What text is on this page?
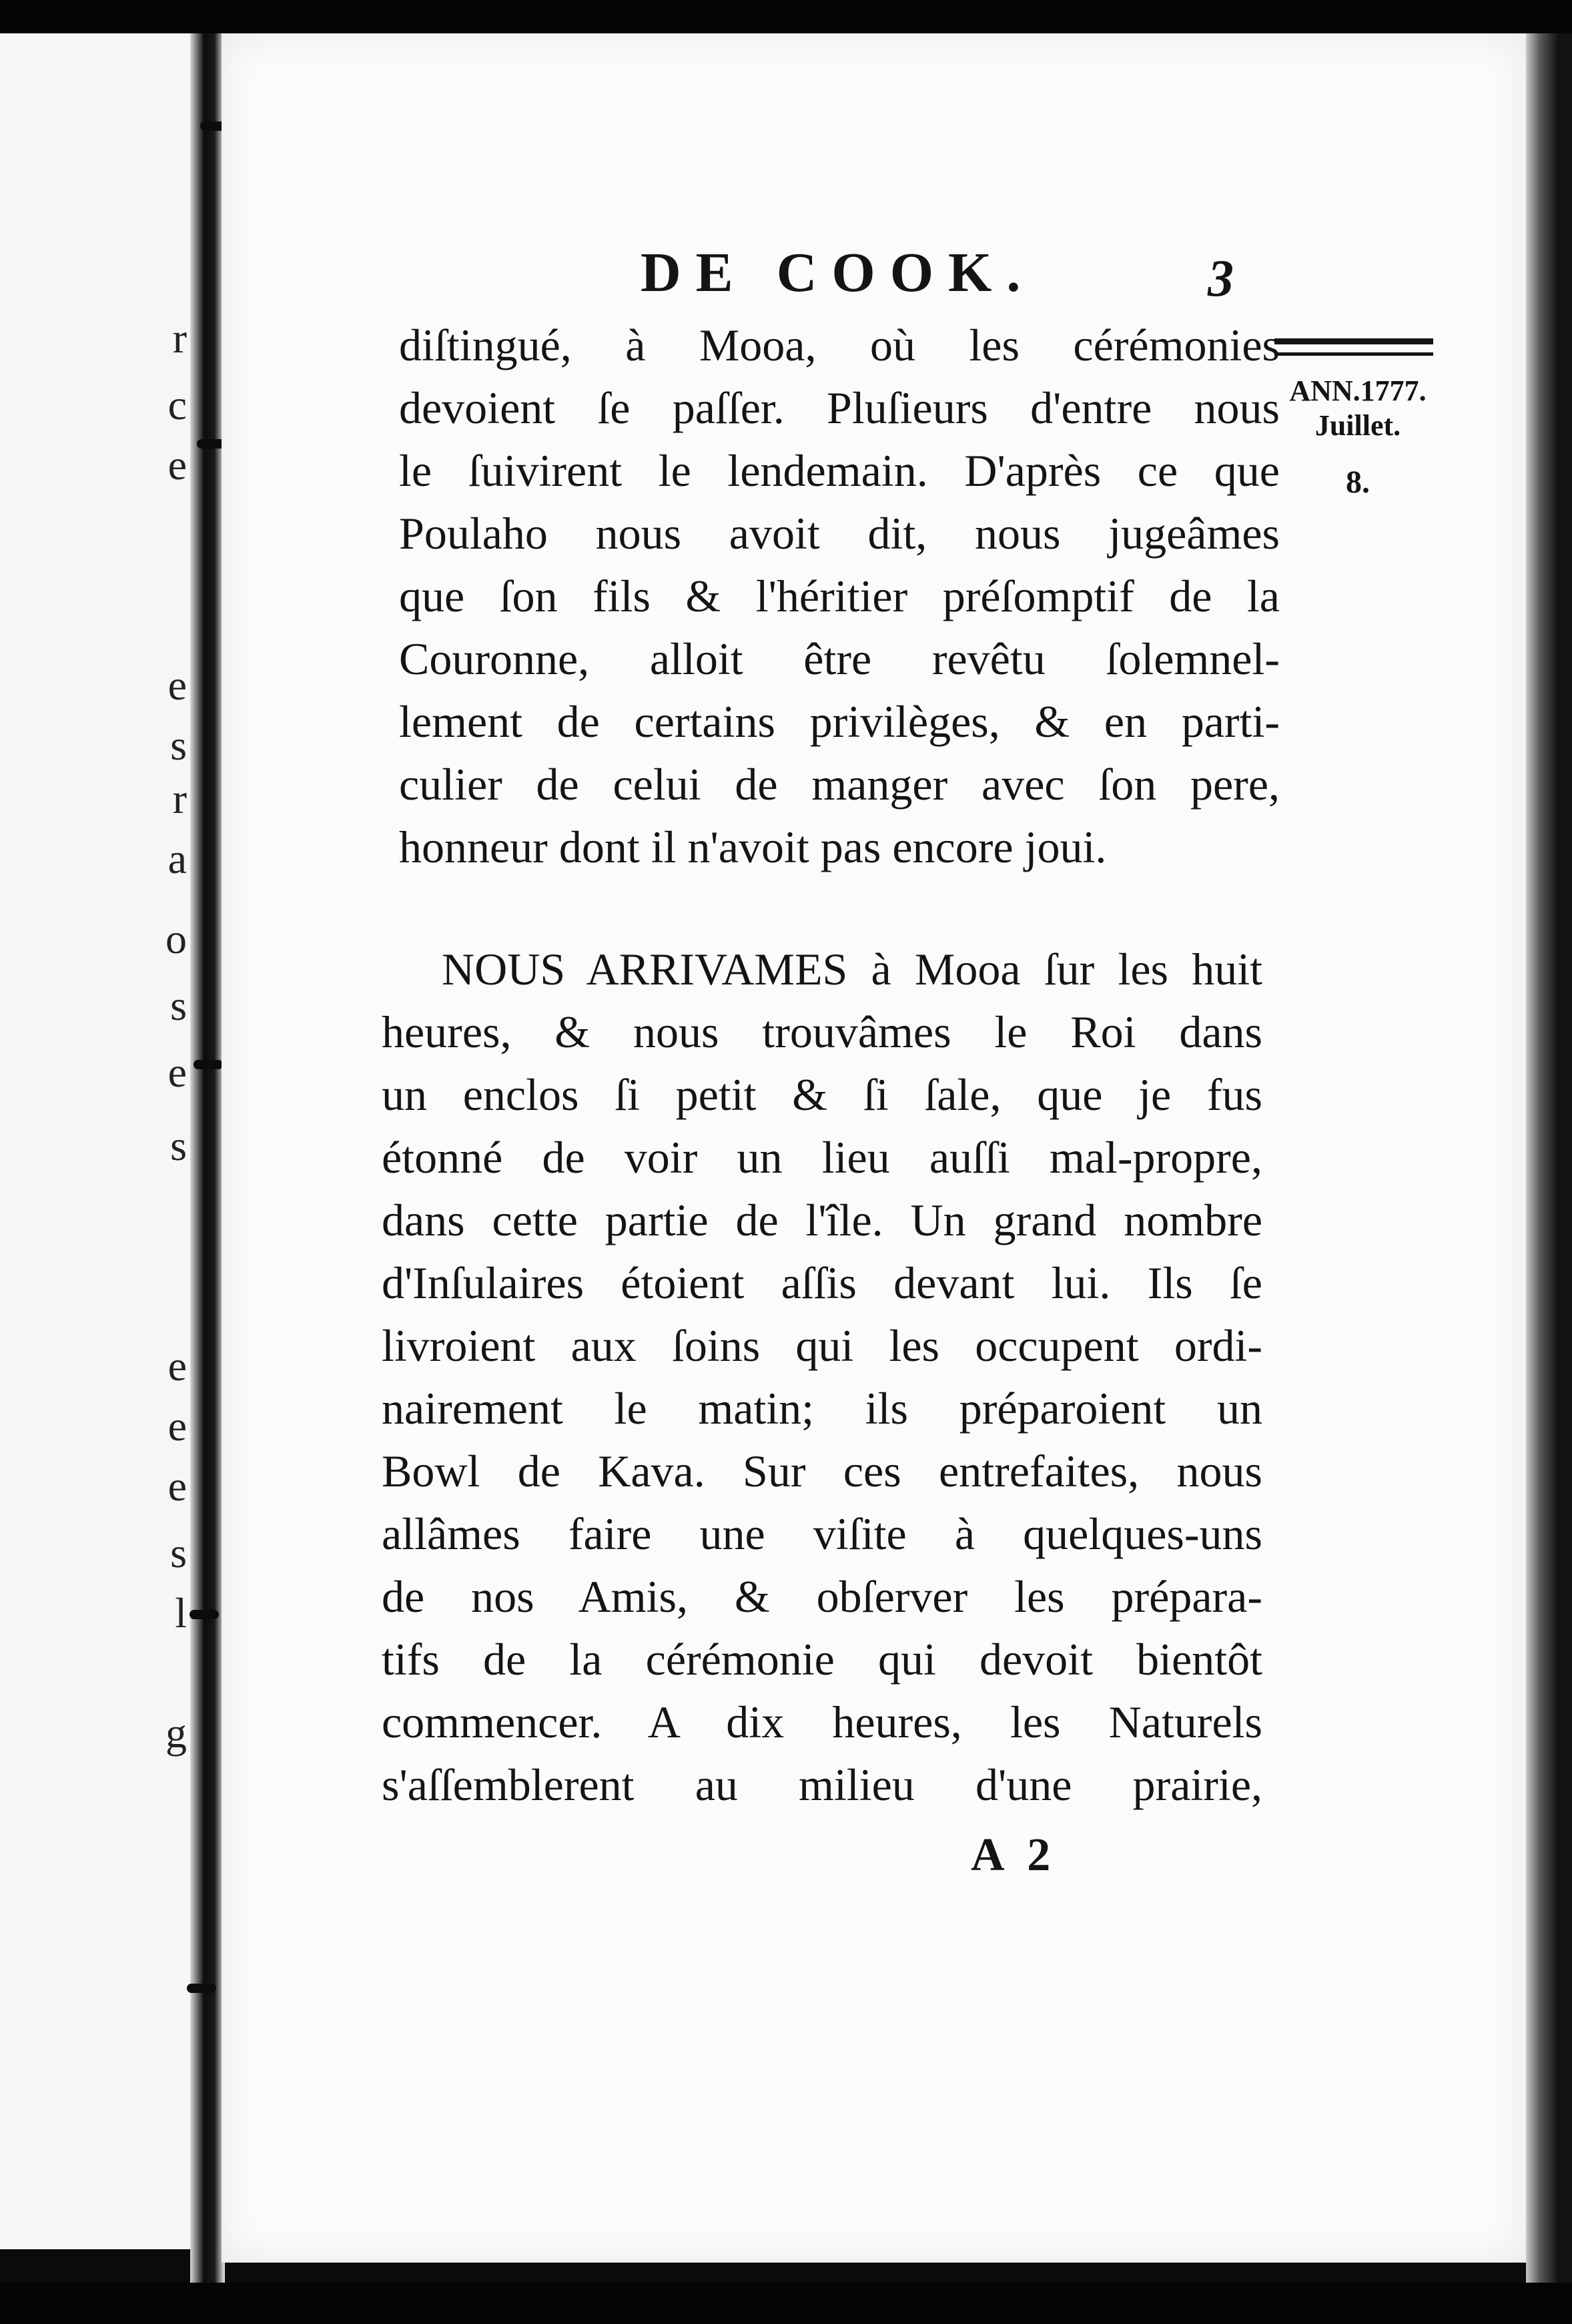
r
c
e
e
s
r
a
o
s
e
s
e
e
e
s
l
g
DE COOK.	3
ANN.1777.
Juillet.
8.
diſtingué, à Mooa, où les cérémonies
devoient ſe paſſer. Pluſieurs d'entre nous
le ſuivirent le lendemain. D'après ce que
Poulaho nous avoit dit, nous jugeâmes
que ſon fils & l'héritier préſomptif de la
Couronne, alloit être revêtu ſolemnel-
lement de certains privilèges, & en parti-
culier de celui de manger avec ſon pere,
honneur dont il n'avoit pas encore joui.
NOUS ARRIVAMES à Mooa ſur les huit
heures, & nous trouvâmes le Roi dans
un enclos ſi petit & ſi ſale, que je fus
étonné de voir un lieu auſſi mal-propre,
dans cette partie de l'île. Un grand nombre
d'Inſulaires étoient aſſis devant lui. Ils ſe
livroient aux ſoins qui les occupent ordi-
nairement le matin; ils préparoient un
Bowl de Kava. Sur ces entrefaites, nous
allâmes faire une viſite à quelques-uns
de nos Amis, & obſerver les prépara-
tifs de la cérémonie qui devoit bientôt
commencer. A dix heures, les Naturels
s'aſſemblerent au milieu d'une prairie,
A 2
